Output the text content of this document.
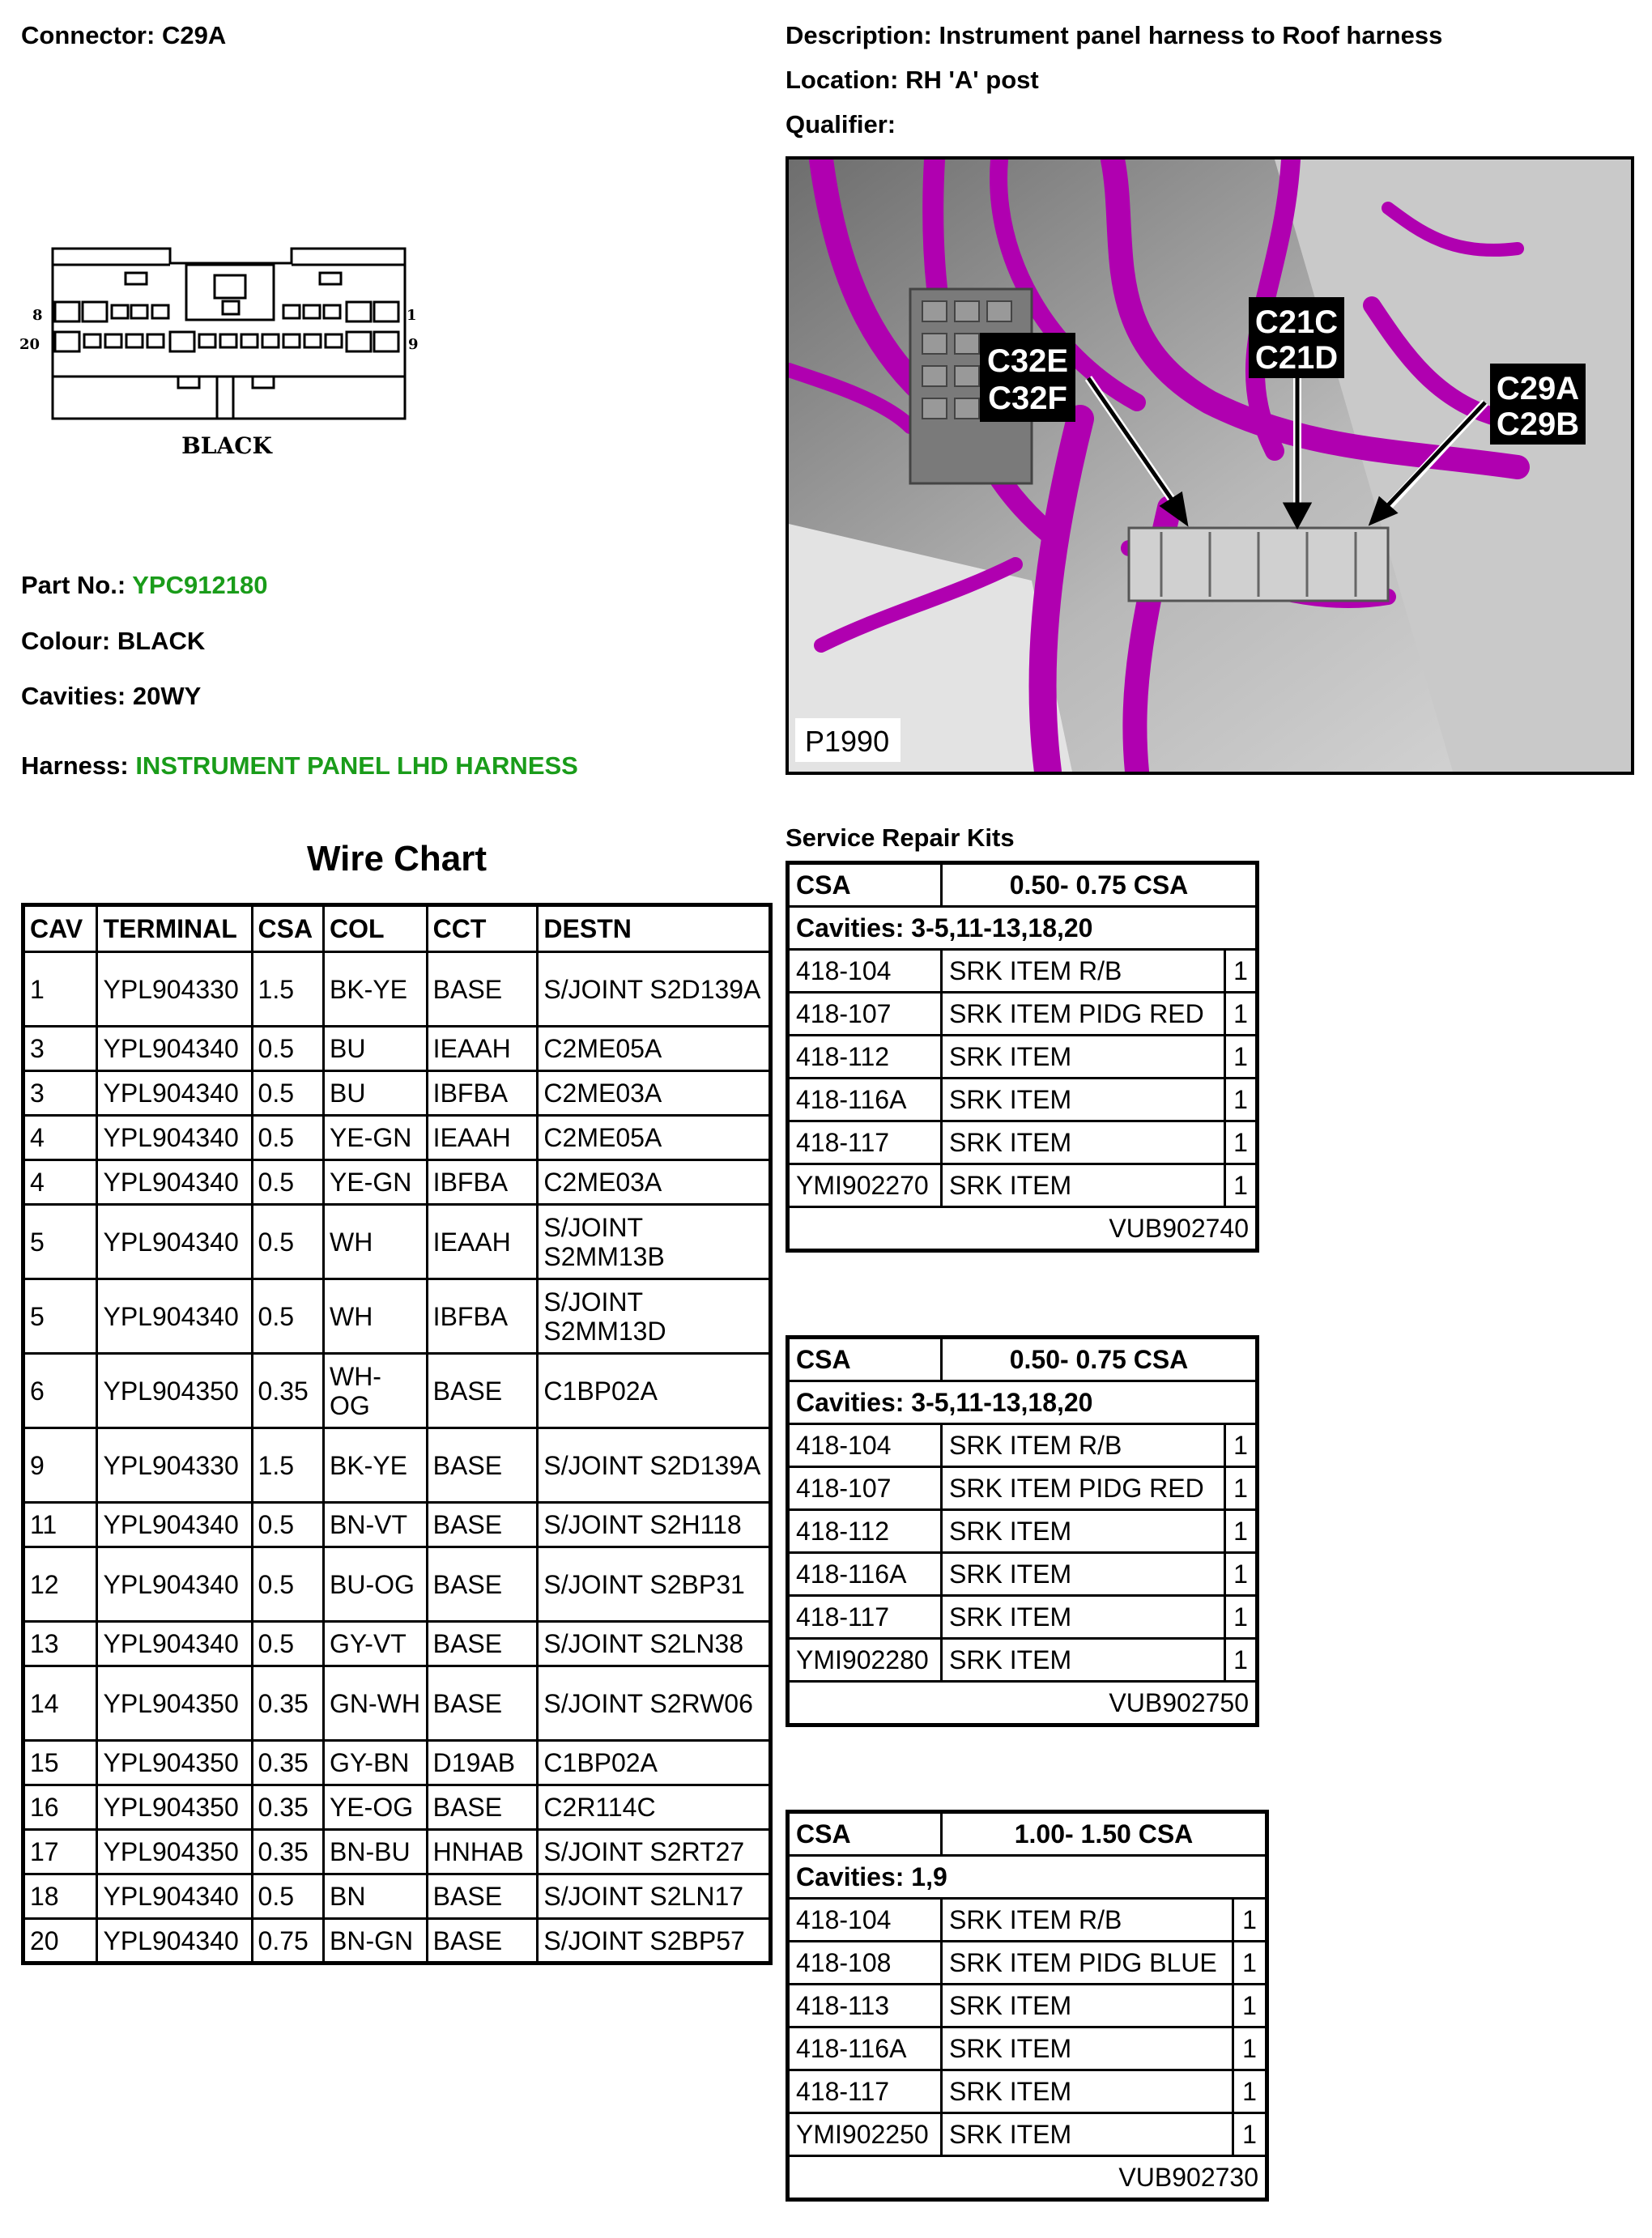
Connector: C29A	Description: Instrument panel harness to Roof harness
Location: RH 'A' post
Qualifier:
8
20
1
9
BLACK
Part No.: YPC912180
Colour: BLACK
Cavities: 20WY
Harness: INSTRUMENT PANEL LHD HARNESS
C32E
C32F
C21C
C21D
C29A
C29B
P1990
Wire Chart
CAV	TERMINAL	CSA	COL	CCT	DESTN
1	YPL904330	1.5	BK-YE	BASE	S/JOINT S2D139A
3	YPL904340	0.5	BU	IEAAH	C2ME05A
3	YPL904340	0.5	BU	IBFBA	C2ME03A
4	YPL904340	0.5	YE-GN	IEAAH	C2ME05A
4	YPL904340	0.5	YE-GN	IBFBA	C2ME03A
5	YPL904340	0.5	WH	IEAAH	S/JOINT S2MM13B
5	YPL904340	0.5	WH	IBFBA	S/JOINT S2MM13D
6	YPL904350	0.35	WH-OG	BASE	C1BP02A
9	YPL904330	1.5	BK-YE	BASE	S/JOINT S2D139A
11	YPL904340	0.5	BN-VT	BASE	S/JOINT S2H118
12	YPL904340	0.5	BU-OG	BASE	S/JOINT S2BP31
13	YPL904340	0.5	GY-VT	BASE	S/JOINT S2LN38
14	YPL904350	0.35	GN-WH	BASE	S/JOINT S2RW06
15	YPL904350	0.35	GY-BN	D19AB	C1BP02A
16	YPL904350	0.35	YE-OG	BASE	C2R114C
17	YPL904350	0.35	BN-BU	HNHAB	S/JOINT S2RT27
18	YPL904340	0.5	BN	BASE	S/JOINT S2LN17
20	YPL904340	0.75	BN-GN	BASE	S/JOINT S2BP57
Service Repair Kits
CSA	0.50- 0.75 CSA	
Cavities: 3-5,11-13,18,20		
418-104	SRK ITEM R/B	1
418-107	SRK ITEM PIDG RED	1
418-112	SRK ITEM	1
418-116A	SRK ITEM	1
418-117	SRK ITEM	1
YMI902270	SRK ITEM	1
VUB902740		
CSA	0.50- 0.75 CSA	
Cavities: 3-5,11-13,18,20		
418-104	SRK ITEM R/B	1
418-107	SRK ITEM PIDG RED	1
418-112	SRK ITEM	1
418-116A	SRK ITEM	1
418-117	SRK ITEM	1
YMI902280	SRK ITEM	1
VUB902750		
CSA	1.00- 1.50 CSA	
Cavities: 1,9		
418-104	SRK ITEM R/B	1
418-108	SRK ITEM PIDG BLUE	1
418-113	SRK ITEM	1
418-116A	SRK ITEM	1
418-117	SRK ITEM	1
YMI902250	SRK ITEM	1
VUB902730		
